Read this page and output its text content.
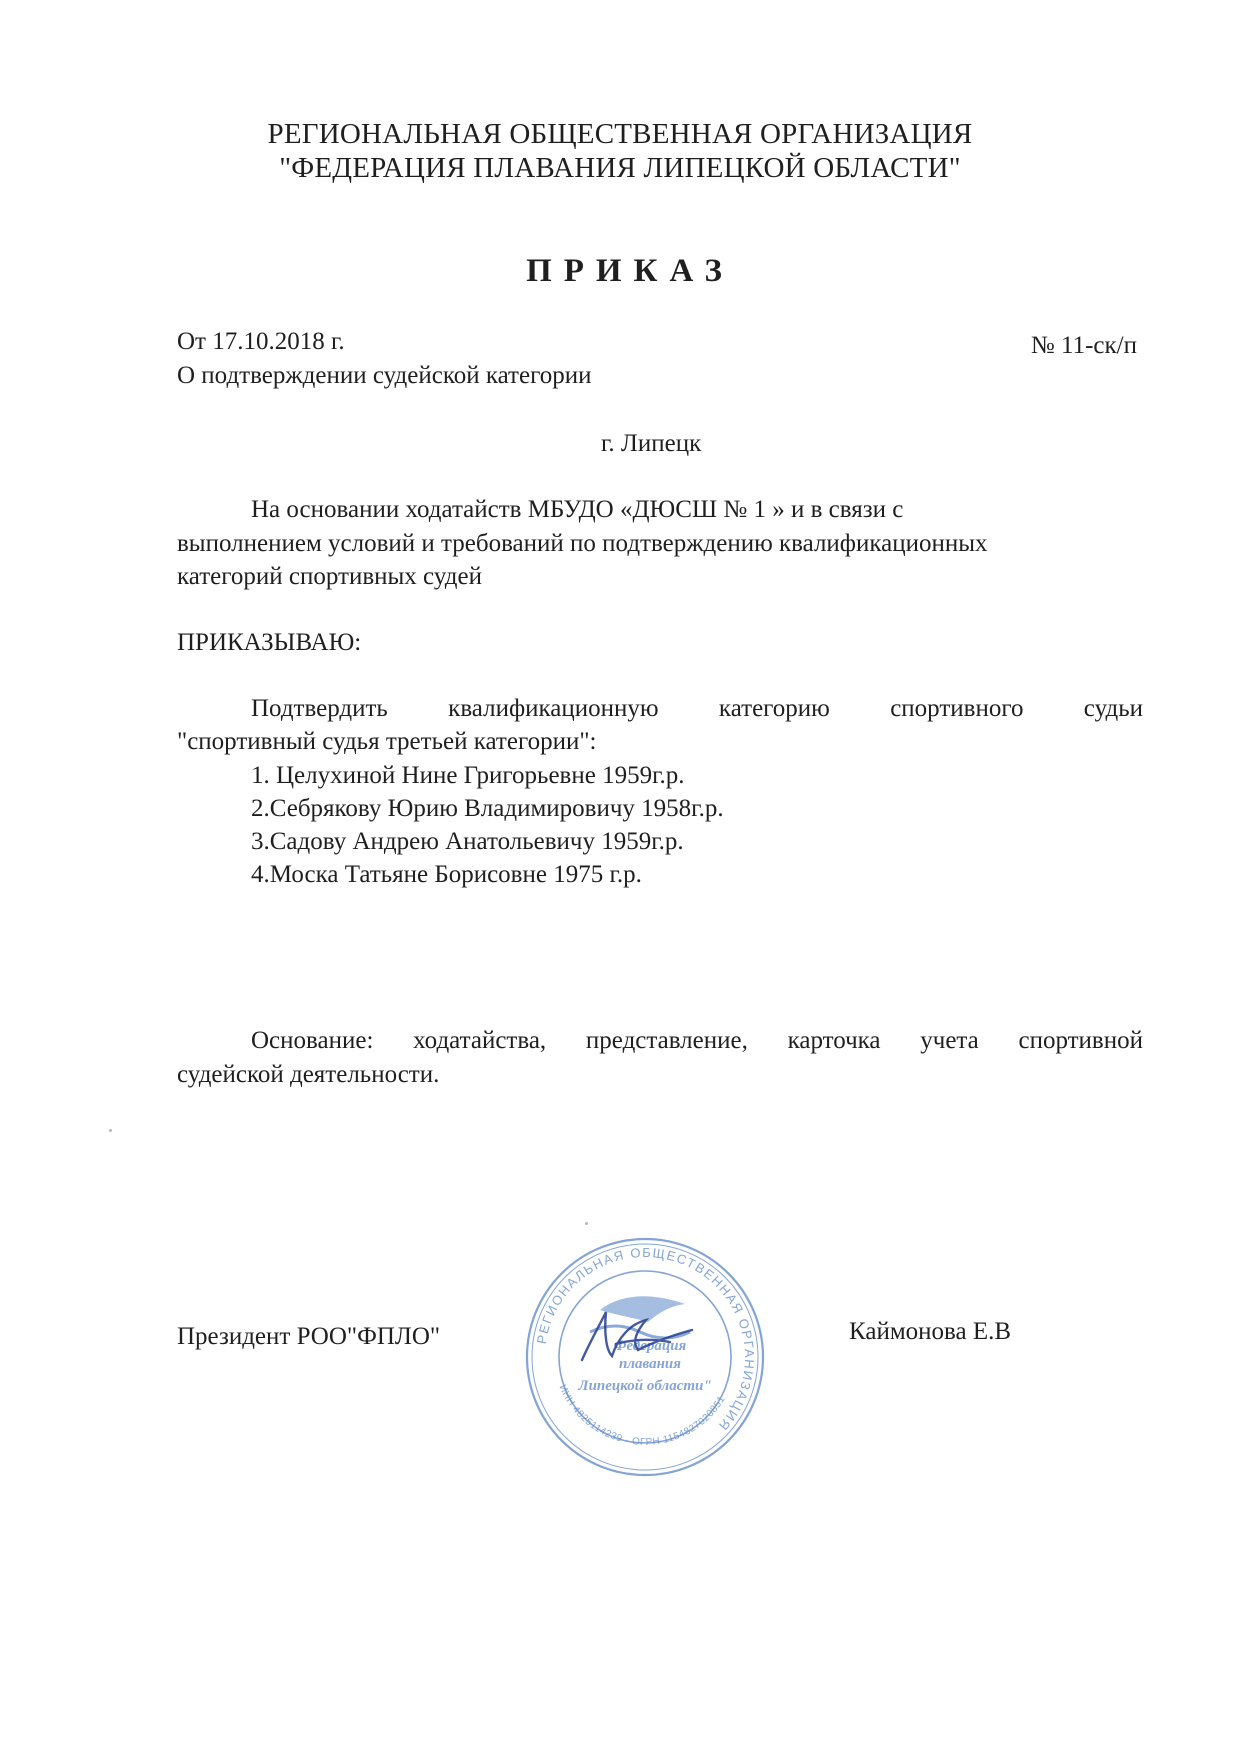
РЕГИОНАЛЬНАЯ ОБЩЕСТВЕННАЯ ОРГАНИЗАЦИЯ
"ФЕДЕРАЦИЯ ПЛАВАНИЯ ЛИПЕЦКОЙ ОБЛАСТИ"
ПРИКАЗ
От 17.10.2018 г.	№ 11-ск/п
О подтверждении судейской категории
г. Липецк
На основании ходатайств МБУДО «ДЮСШ № 1 » и в связи с
выполнением условий и требований по подтверждению квалификационных
категорий спортивных судей
ПРИКАЗЫВАЮ:
Подтвердить квалификационную категорию спортивного судьи
"спортивный судья третьей категории":
1. Целухиной Нине Григорьевне 1959г.р.
2.Себрякову Юрию Владимировичу 1958г.р.
3.Садову Андрею Анатольевичу 1959г.р.
4.Моска Татьяне Борисовне 1975 г.р.
Основание: ходатайства, представление, карточка учета спортивной
судейской деятельности.
Президент РОО"ФПЛО"	Каймонова Е.В
РЕГИОНАЛЬНАЯ ОБЩЕСТВЕННАЯ ОРГАНИЗАЦИЯ
ИНН 4825114239 · ОГРН 1154827020851
Федерация
плавания
Липецкой области"
